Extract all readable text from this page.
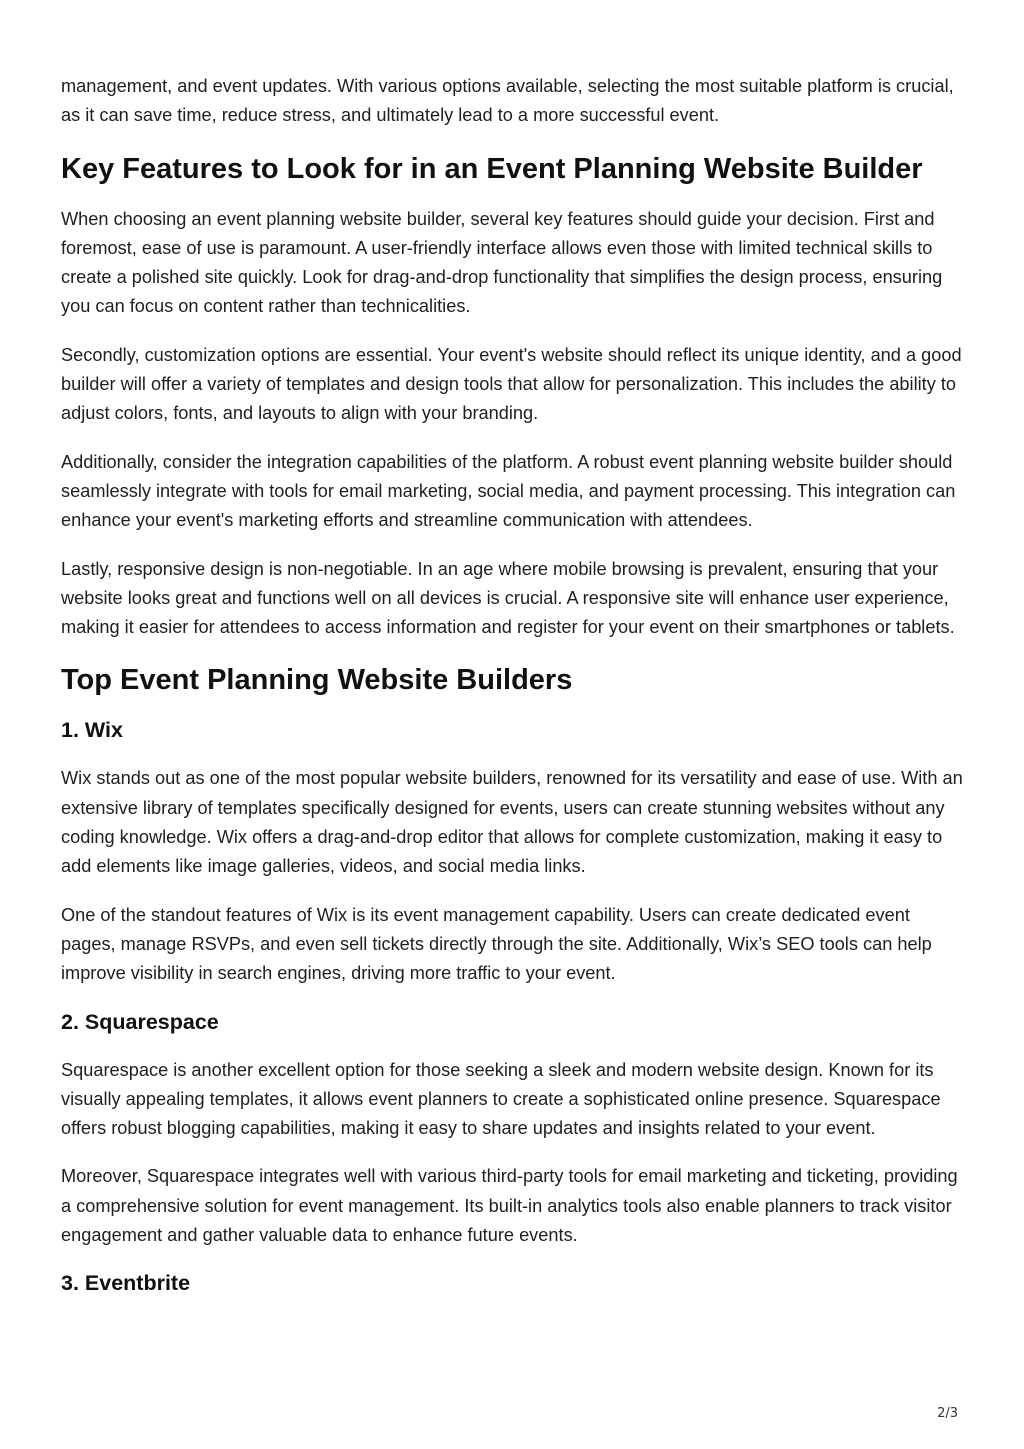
management, and event updates. With various options available, selecting the most suitable platform is crucial, as it can save time, reduce stress, and ultimately lead to a more successful event.

Key Features to Look for in an Event Planning Website Builder

When choosing an event planning website builder, several key features should guide your decision. First and foremost, ease of use is paramount. A user-friendly interface allows even those with limited technical skills to create a polished site quickly. Look for drag-and-drop functionality that simplifies the design process, ensuring you can focus on content rather than technicalities.

Secondly, customization options are essential. Your event's website should reflect its unique identity, and a good builder will offer a variety of templates and design tools that allow for personalization. This includes the ability to adjust colors, fonts, and layouts to align with your branding.

Additionally, consider the integration capabilities of the platform. A robust event planning website builder should seamlessly integrate with tools for email marketing, social media, and payment processing. This integration can enhance your event's marketing efforts and streamline communication with attendees.

Lastly, responsive design is non-negotiable. In an age where mobile browsing is prevalent, ensuring that your website looks great and functions well on all devices is crucial. A responsive site will enhance user experience, making it easier for attendees to access information and register for your event on their smartphones or tablets.

Top Event Planning Website Builders
1. Wix

Wix stands out as one of the most popular website builders, renowned for its versatility and ease of use. With an extensive library of templates specifically designed for events, users can create stunning websites without any coding knowledge. Wix offers a drag-and-drop editor that allows for complete customization, making it easy to add elements like image galleries, videos, and social media links.

One of the standout features of Wix is its event management capability. Users can create dedicated event pages, manage RSVPs, and even sell tickets directly through the site. Additionally, Wix’s SEO tools can help improve visibility in search engines, driving more traffic to your event.

2. Squarespace

Squarespace is another excellent option for those seeking a sleek and modern website design. Known for its visually appealing templates, it allows event planners to create a sophisticated online presence. Squarespace offers robust blogging capabilities, making it easy to share updates and insights related to your event.

Moreover, Squarespace integrates well with various third-party tools for email marketing and ticketing, providing a comprehensive solution for event management. Its built-in analytics tools also enable planners to track visitor engagement and gather valuable data to enhance future events.

3. Eventbrite
2/3
